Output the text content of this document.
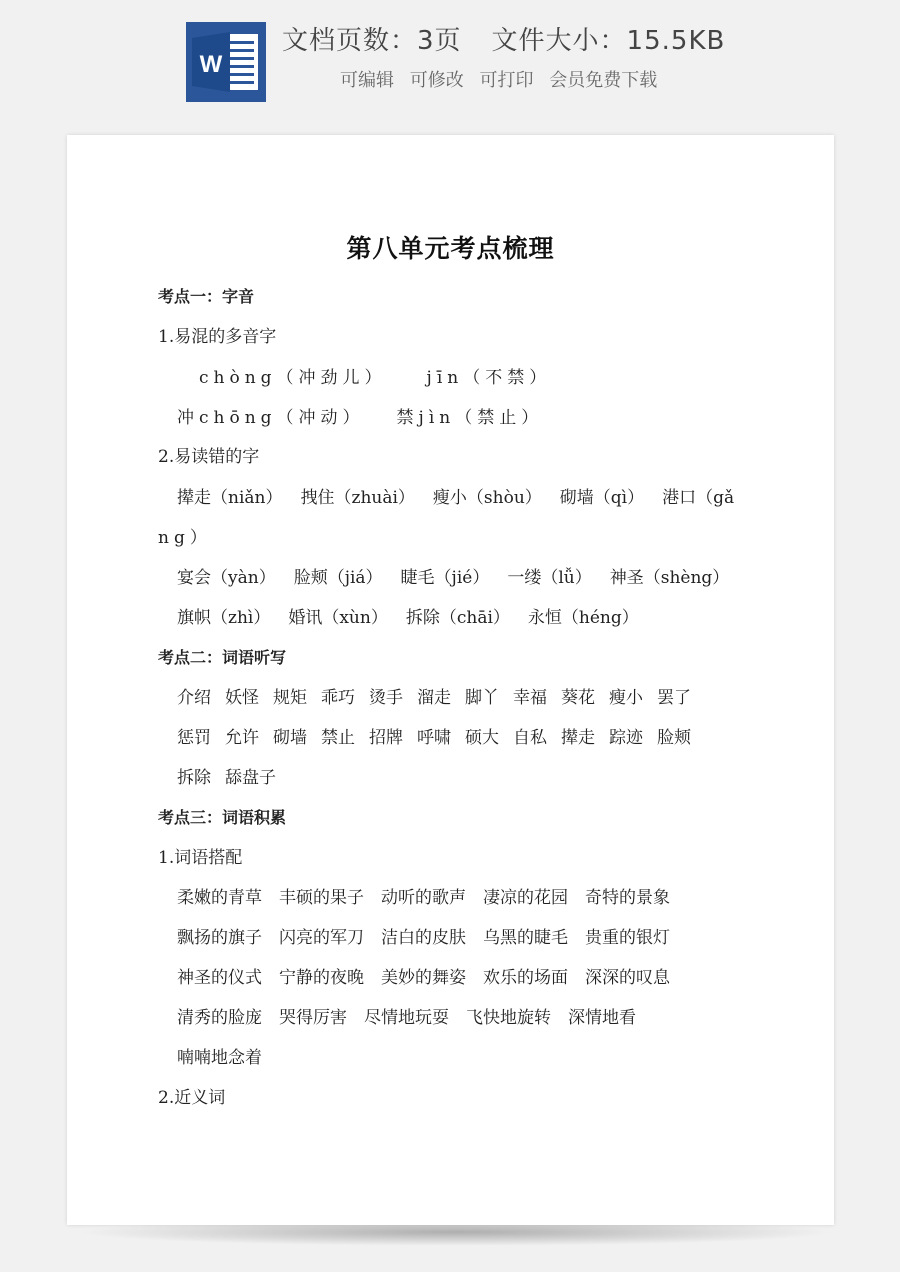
W
文档页数：3页 文件大小：15.5KB
可编辑 可修改 可打印 会员免费下载
第八单元考点梳理
考点一：字音
1.易混的多音字
chòng（冲劲儿） jīn（不禁）
冲chōng（冲动） 禁jìn（禁止）
2.易读错的字
撵走（niǎn） 拽住（zhuài） 瘦小（shòu） 砌墙（qì） 港口（gǎ
ng）
宴会（yàn） 脸颊（jiá） 睫毛（jié） 一缕（lǚ） 神圣（shèng）
旗帜（zhì） 婚讯（xùn） 拆除（chāi） 永恒（héng）
考点二：词语听写
介绍 妖怪 规矩 乖巧 烫手 溜走 脚丫 幸福 葵花 瘦小 罢了
惩罚 允许 砌墙 禁止 招牌 呼啸 硕大 自私 撵走 踪迹 脸颊
拆除 舔盘子
考点三：词语积累
1.词语搭配
柔嫩的青草 丰硕的果子 动听的歌声 凄凉的花园 奇特的景象
飘扬的旗子 闪亮的军刀 洁白的皮肤 乌黑的睫毛 贵重的银灯
神圣的仪式 宁静的夜晚 美妙的舞姿 欢乐的场面 深深的叹息
清秀的脸庞 哭得厉害 尽情地玩耍 飞快地旋转 深情地看
喃喃地念着
2.近义词
